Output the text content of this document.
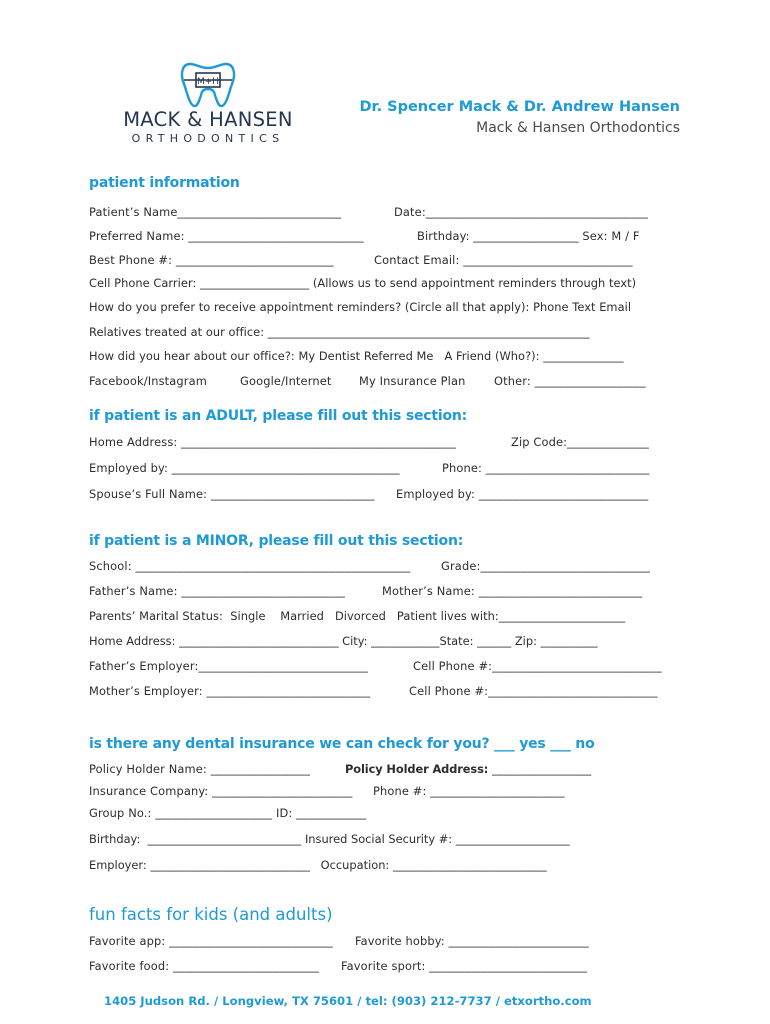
M+H
MACK & HANSEN
ORTHODONTICS
Dr. Spencer Mack & Dr. Andrew Hansen
Mack & Hansen Orthodontics
patient information
Patient’s Name____________________________	Date:______________________________________
Preferred Name: ______________________________	Birthday: __________________ Sex: M / F
Best Phone #: ___________________________	Contact Email: _____________________________
Cell Phone Carrier: ___________________ (Allows us to send appointment reminders through text)
How do you prefer to receive appointment reminders? (Circle all that apply): Phone Text Email
Relatives treated at our office: ________________________________________________________
How did you hear about our office?: My Dentist Referred Me   A Friend (Who?): ______________
Facebook/Instagram	Google/Internet My Insurance Plan	Other: ___________________
if patient is an ADULT, please fill out this section:
Home Address: _______________________________________________	Zip Code:______________
Employed by: _______________________________________	Phone: ____________________________
Spouse’s Full Name: ____________________________ Employed by: _____________________________
if patient is a MINOR, please fill out this section:
School: _______________________________________________	Grade:_____________________________
Father’s Name: ____________________________	Mother’s Name: ____________________________
Parents’ Marital Status:  Single    Married   Divorced   Patient lives with:______________________
Home Address: ____________________________ City: ____________State: ______ Zip: __________
Father’s Employer:_____________________________	Cell Phone #:_____________________________
Mother’s Employer: ____________________________	Cell Phone #:_____________________________
is there any dental insurance we can check for you? ___ yes ___ no
Policy Holder Name: _________________	Policy Holder Address: _________________
Insurance Company: ________________________ Phone #: _______________________
Group No.: ____________________ ID: ____________
Birthday:  ___________________________ Insured Social Security #: ____________________
Employer: ____________________________   Occupation: ___________________________
fun facts for kids (and adults)
Favorite app: ____________________________ Favorite hobby: ________________________
Favorite food: _________________________ Favorite sport: ___________________________
1405 Judson Rd. / Longview, TX 75601 / tel: (903) 212-7737 / etxortho.com
